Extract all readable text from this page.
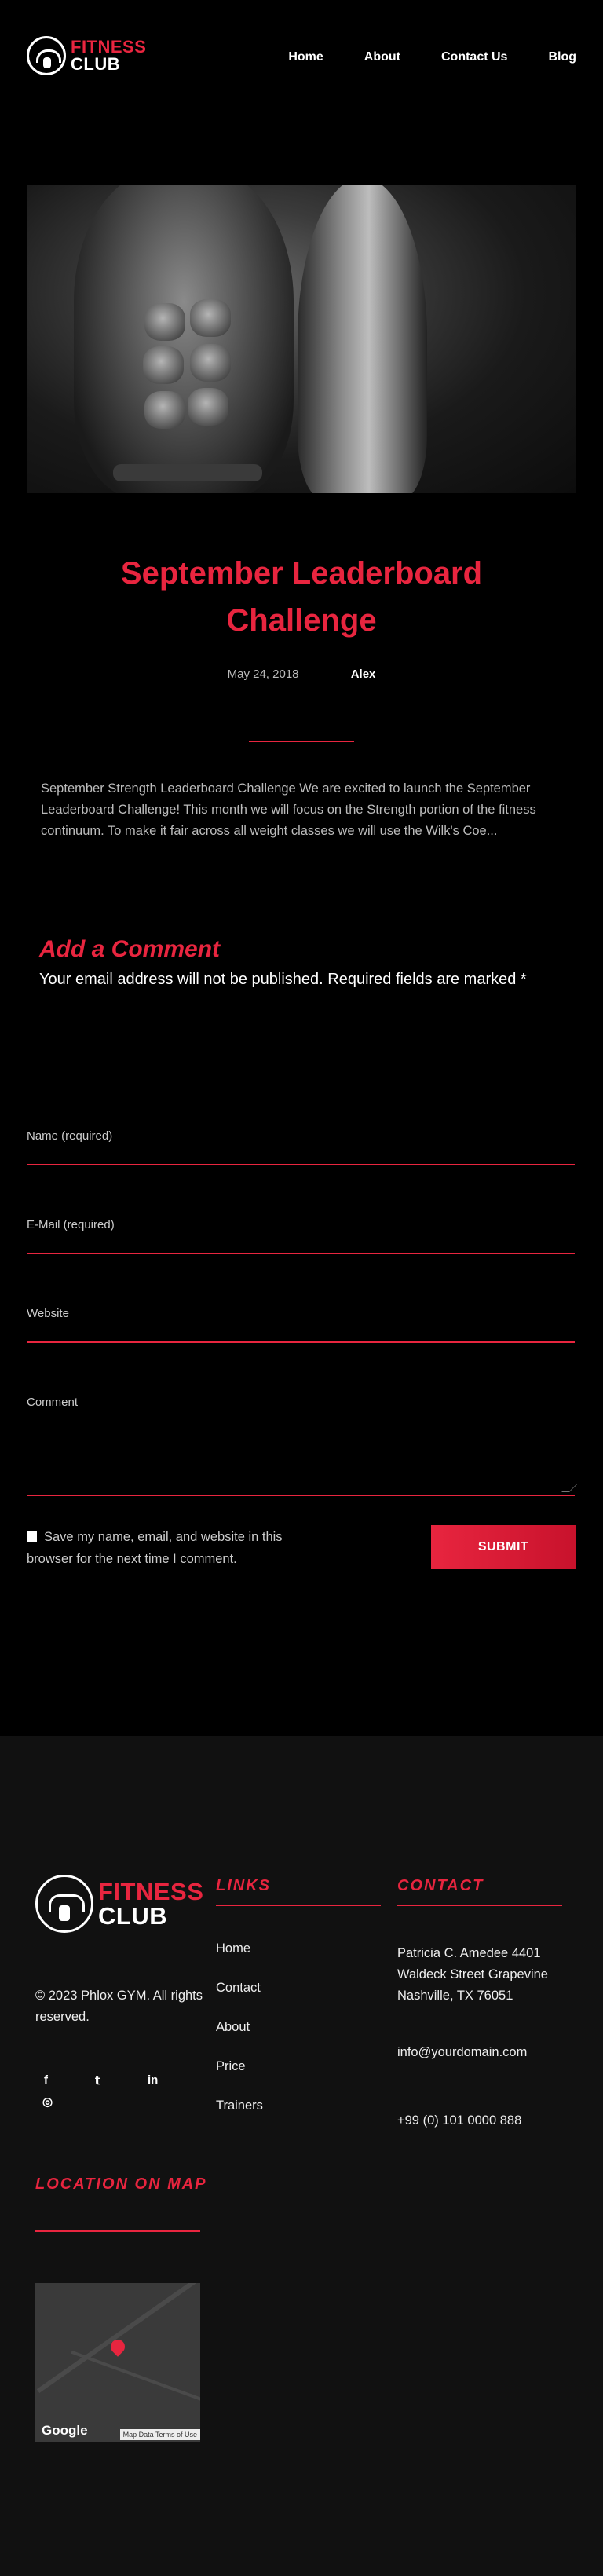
FITNESS
CLUB	Home	About	Contact Us	Blog
September Leaderboard Challenge
May 24, 2018	Alex

September Strength Leaderboard Challenge We are excited to launch the September Leaderboard Challenge! This month we will focus on the Strength portion of the fitness continuum. To make it fair across all weight classes we will use the Wilk's Coe...

Add a Comment

Your email address will not be published. Required fields are marked *

Name (required)
E-Mail (required)
Website
Comment
Save my name, email, and website in this browser for the next time I comment.
SUBMIT
FITNESS
CLUB

© 2023 Phlox GYM. All rights reserved.

f	𝕥	in
◎
LINKS
Home
Contact
About
Price
Trainers
CONTACT

Patricia C. Amedee 4401 Waldeck Street Grapevine Nashville, TX 76051

info@yourdomain.com

+99 (0) 101 0000 888

LOCATION ON MAP
Google	Map Data Terms of Use
